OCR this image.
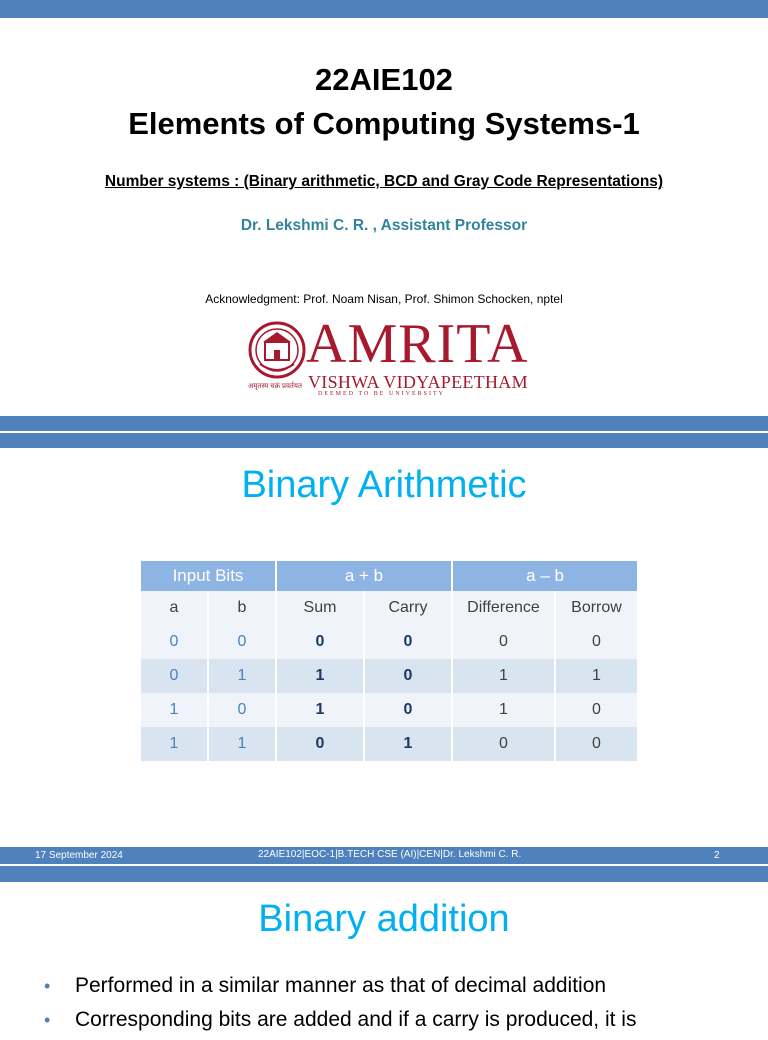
22AIE102
Elements of Computing Systems-1
Number systems : (Binary arithmetic, BCD and Gray Code Representations)
Dr. Lekshmi C. R. , Assistant Professor
Acknowledgment: Prof. Noam Nisan, Prof. Shimon Schocken, nptel
AMRITA
VISHWA VIDYAPEETHAM
DEEMED TO BE UNIVERSITY
अमृतस्य चक्रं प्रवर्तयत
Binary Arithmetic
Input Bits		a + b		a – b	
a	b	Sum	Carry	Difference	Borrow
0	0	0	0	0	0
0	1	1	0	1	1
1	0	1	0	1	0
1	1	0	1	0	0
17 September 2024	22AIE102|EOC-1|B.TECH CSE (AI)|CEN|Dr. Lekshmi C. R.	2
Binary addition
• Performed in a similar manner as that of decimal addition
• Corresponding bits are added and if a carry is produced, it is
